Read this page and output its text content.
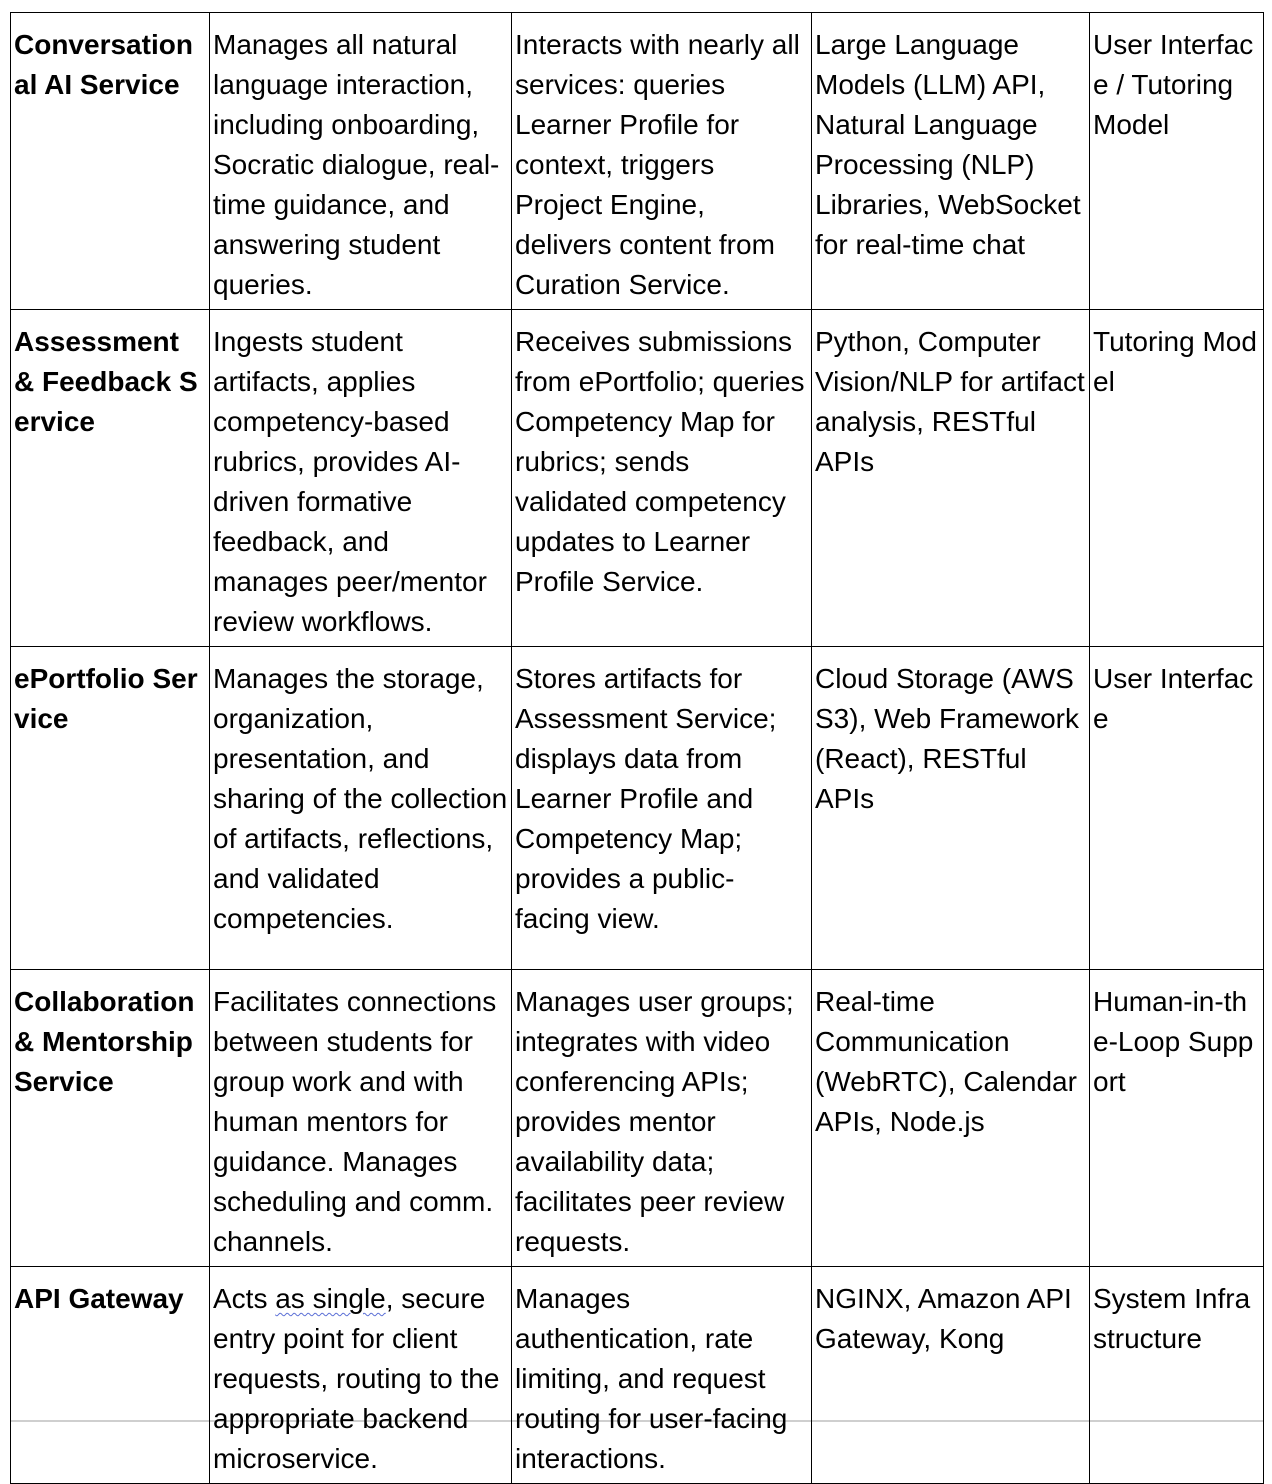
Conversational AI Service	Manages all natural language interaction, including onboarding, Socratic dialogue, real-time guidance, and answering student queries.	Interacts with nearly all services: queries Learner Profile for context, triggers Project Engine, delivers content from Curation Service.	Large Language Models (LLM) API, Natural Language Processing (NLP) Libraries, WebSocket for real-time chat	User Interface / Tutoring Model
Assessment & Feedback Service	Ingests student artifacts, applies competency-based rubrics, provides AI-driven formative feedback, and manages peer/mentor review workflows.	Receives submissions from ePortfolio; queries Competency Map for rubrics; sends validated competency updates to Learner Profile Service.	Python, Computer Vision/NLP for artifact analysis, RESTful APIs	Tutoring Model
ePortfolio Service	Manages the storage, organization, presentation, and sharing of the collection of artifacts, reflections, and validated competencies.	Stores artifacts for Assessment Service; displays data from Learner Profile and Competency Map; provides a public-facing view.	Cloud Storage (AWS S3), Web Framework (React), RESTful APIs	User Interface
Collaboration & Mentorship Service	Facilitates connections between students for group work and with human mentors for guidance. Manages scheduling and comm. channels.	Manages user groups; integrates with video conferencing APIs; provides mentor availability data; facilitates peer review requests.	Real-time Communication (WebRTC), Calendar APIs, Node.js	Human-in-the-Loop Support
API Gateway	Acts as single, secure entry point for client requests, routing to the appropriate backend microservice.	Manages authentication, rate limiting, and request routing for user-facing interactions.	NGINX, Amazon API Gateway, Kong	System Infrastructure
